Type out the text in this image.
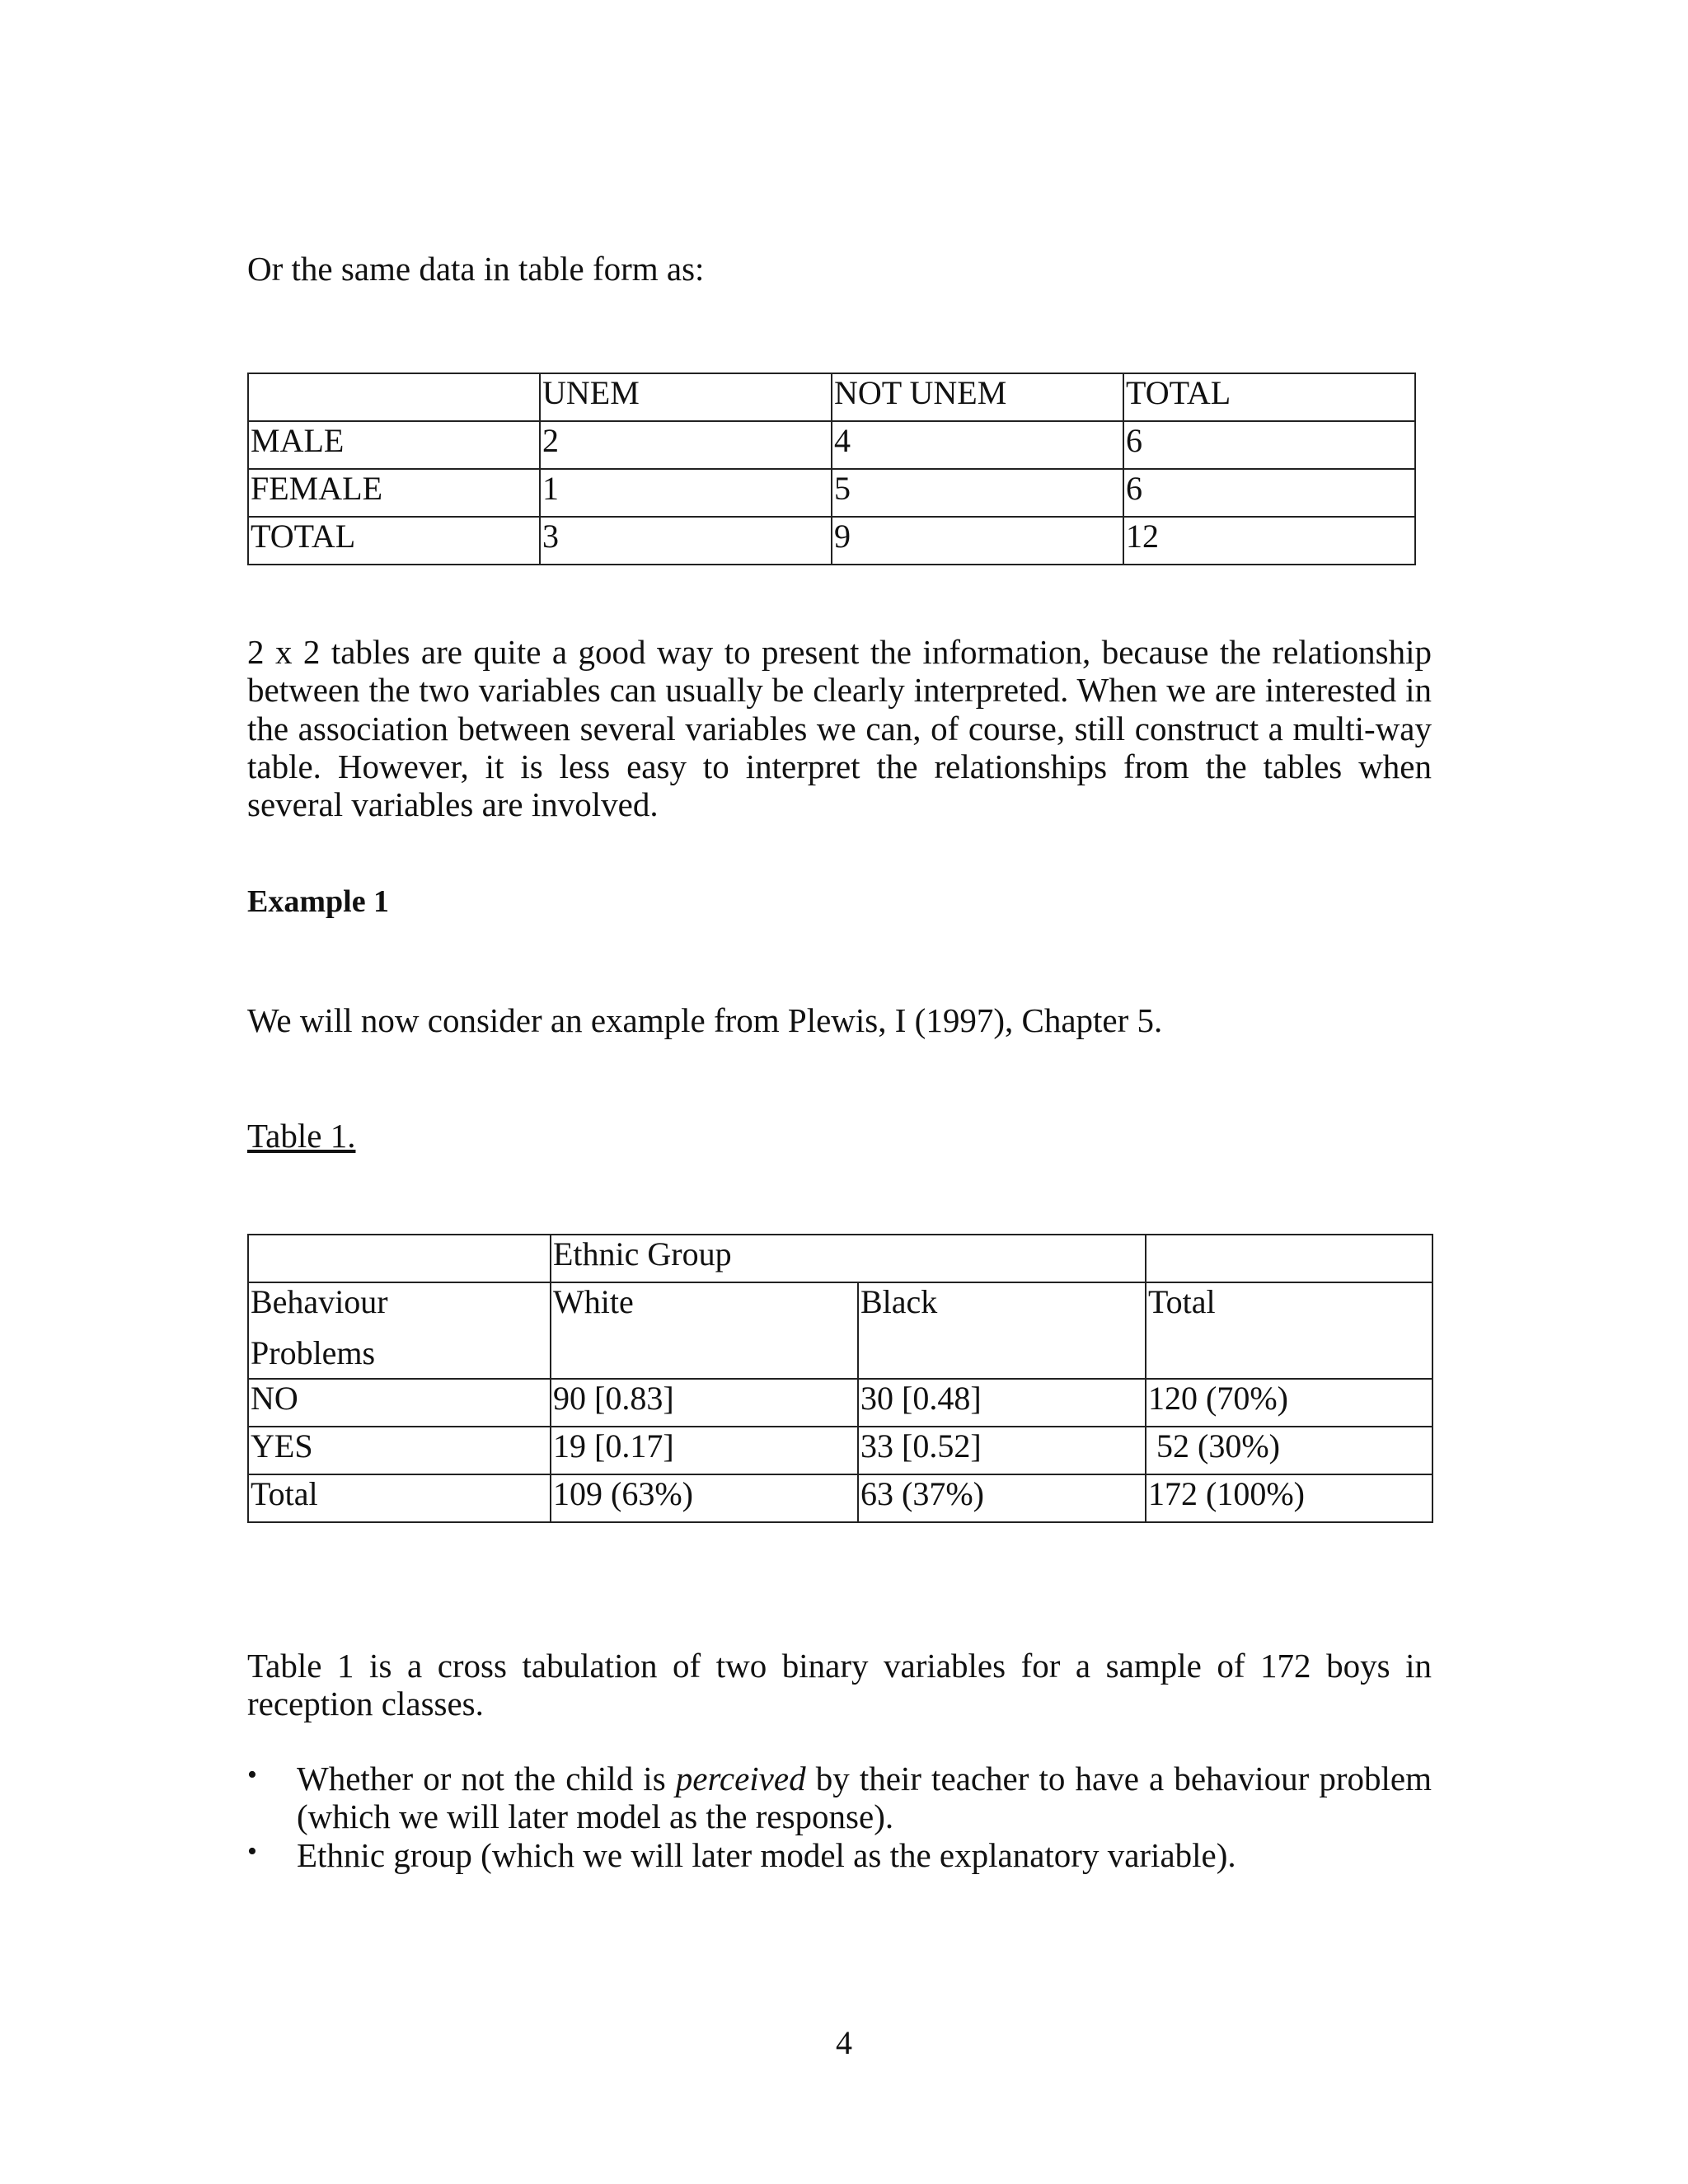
Or the same data in table form as:

	UNEM	NOT UNEM	TOTAL
MALE	2	4	6
FEMALE	1	5	6
TOTAL	3	9	12

2 x 2 tables are quite a good way to present the information, because the relationship between the two variables can usually be clearly interpreted. When we are interested in the association between several variables we can, of course, still construct a multi-way table. However, it is less easy to interpret the relationships from the tables when several variables are involved.

Example 1

We will now consider an example from Plewis, I (1997), Chapter 5.

Table 1.

	Ethnic Group		
Behaviour
Problems	White	Black	Total
NO	90 [0.83]	30 [0.48]	120 (70%)
YES	19 [0.17]	33 [0.52]	52 (30%)
Total	109 (63%)	63 (37%)	172 (100%)

Table 1 is a cross tabulation of two binary variables for a sample of 172 boys in reception classes.

• Whether or not the child is perceived by their teacher to have a behaviour problem (which we will later model as the response).
• Ethnic group (which we will later model as the explanatory variable).

4
